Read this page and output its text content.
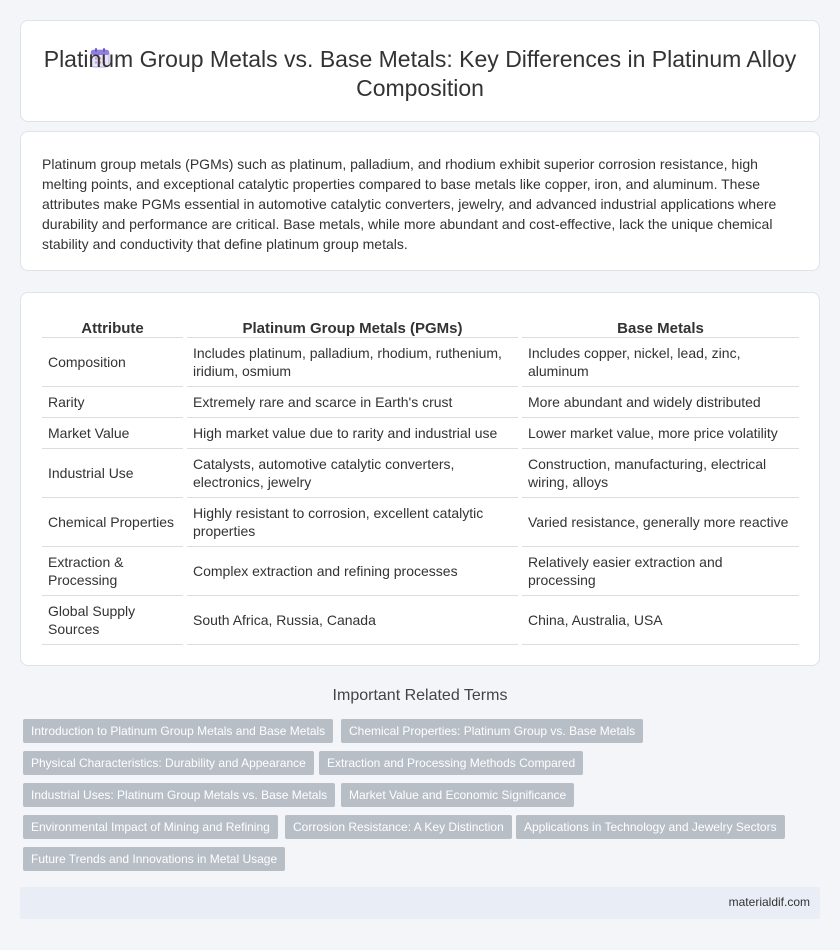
Platinum Group Metals vs. Base Metals: Key Differences in Platinum Alloy Composition

Platinum group metals (PGMs) such as platinum, palladium, and rhodium exhibit superior corrosion resistance, high melting points, and exceptional catalytic properties compared to base metals like copper, iron, and aluminum. These attributes make PGMs essential in automotive catalytic converters, jewelry, and advanced industrial applications where durability and performance are critical. Base metals, while more abundant and cost-effective, lack the unique chemical stability and conductivity that define platinum group metals.

Attribute	Platinum Group Metals (PGMs)	Base Metals
Composition	Includes platinum, palladium, rhodium, ruthenium, iridium, osmium	Includes copper, nickel, lead, zinc, aluminum
Rarity	Extremely rare and scarce in Earth's crust	More abundant and widely distributed
Market Value	High market value due to rarity and industrial use	Lower market value, more price volatility
Industrial Use	Catalysts, automotive catalytic converters, electronics, jewelry	Construction, manufacturing, electrical wiring, alloys
Chemical Properties	Highly resistant to corrosion, excellent catalytic properties	Varied resistance, generally more reactive
Extraction & Processing	Complex extraction and refining processes	Relatively easier extraction and processing
Global Supply Sources	South Africa, Russia, Canada	China, Australia, USA
Important Related Terms
Introduction to Platinum Group Metals and Base Metals	Chemical Properties: Platinum Group vs. Base Metals
Physical Characteristics: Durability and Appearance	Extraction and Processing Methods Compared
Industrial Uses: Platinum Group Metals vs. Base Metals	Market Value and Economic Significance
Environmental Impact of Mining and Refining	Corrosion Resistance: A Key Distinction	Applications in Technology and Jewelry Sectors
Future Trends and Innovations in Metal Usage
materialdif.com
